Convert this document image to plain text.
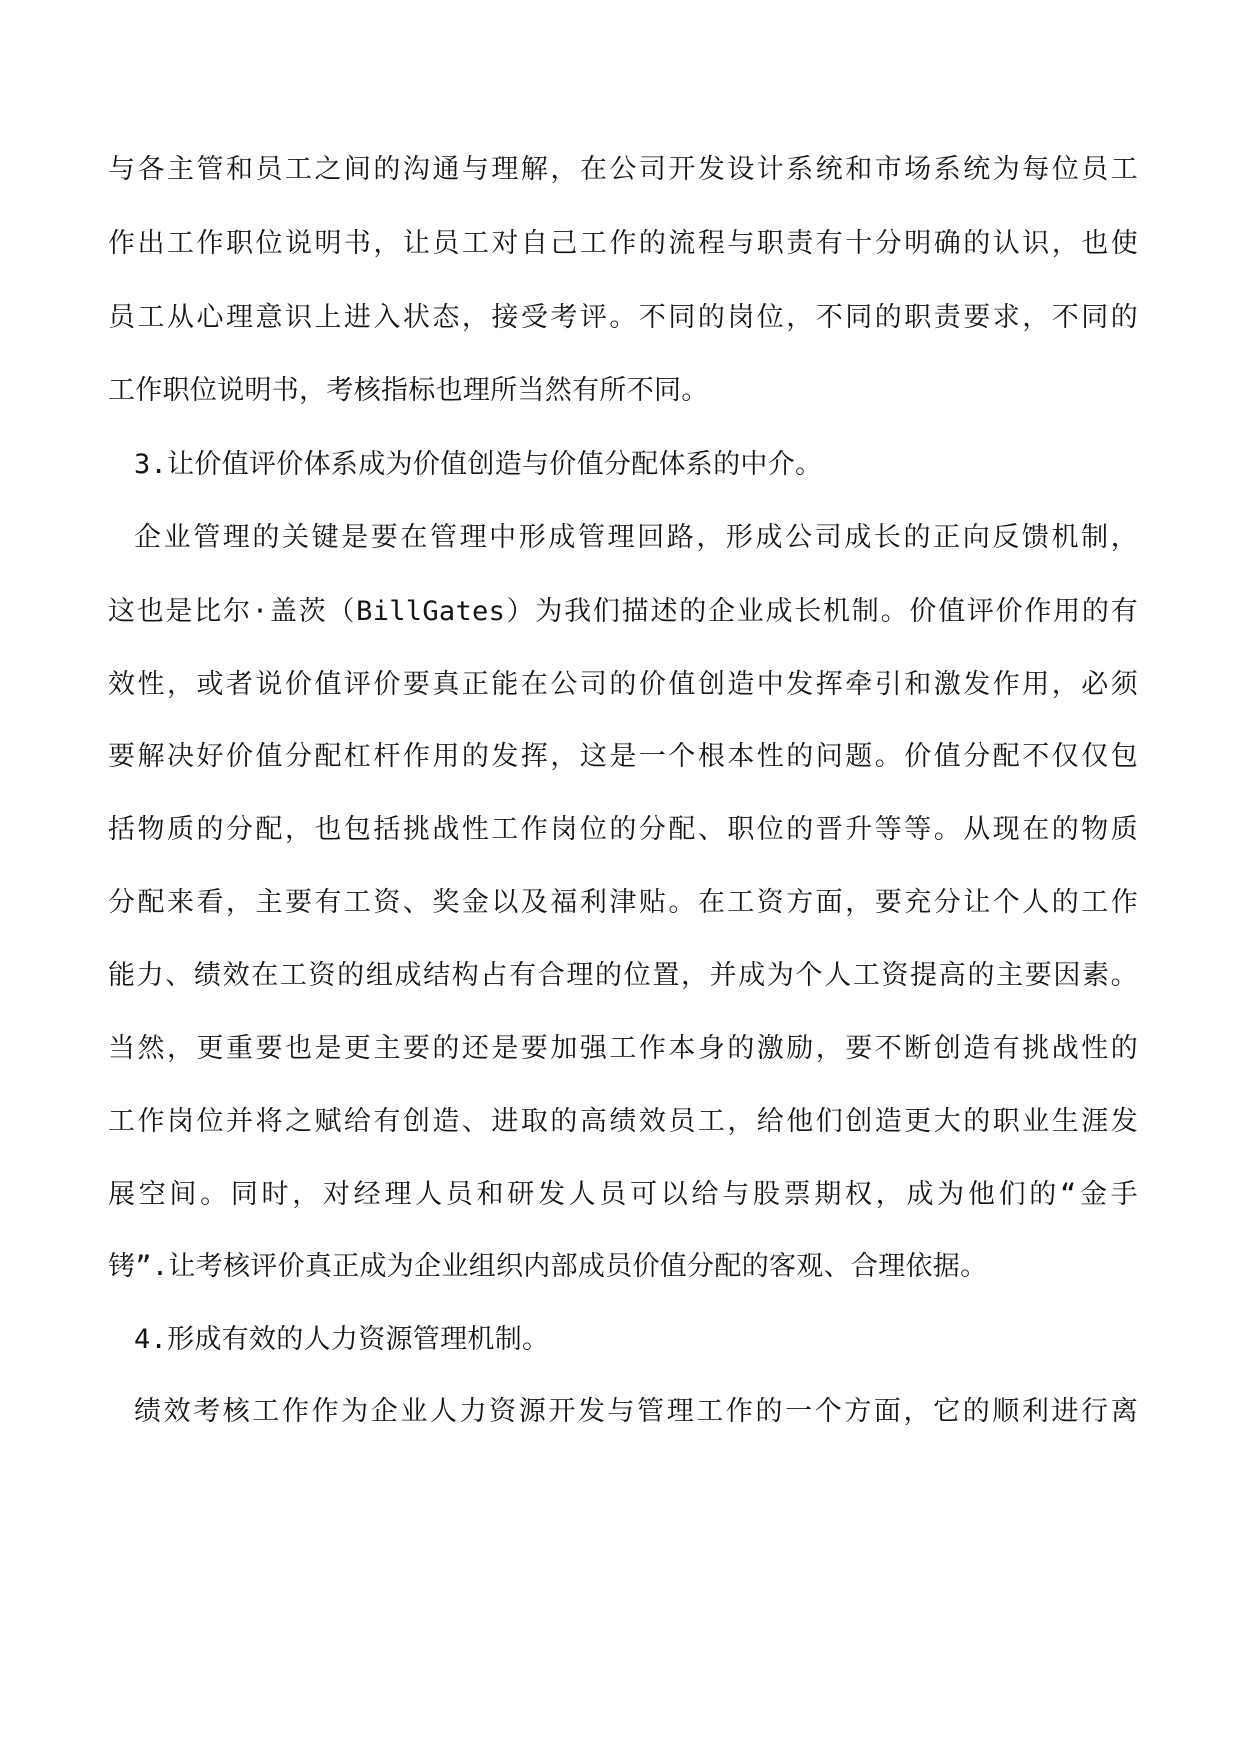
与各主管和员工之间的沟通与理解，在公司开发设计系统和市场系统为每位员工
作出工作职位说明书，让员工对自己工作的流程与职责有十分明确的认识，也使
员工从心理意识上进入状态，接受考评。不同的岗位，不同的职责要求，不同的
工作职位说明书，考核指标也理所当然有所不同。
3.让价值评价体系成为价值创造与价值分配体系的中介。
企业管理的关键是要在管理中形成管理回路，形成公司成长的正向反馈机制，
这也是比尔·盖茨（BillGates）为我们描述的企业成长机制。价值评价作用的有
效性，或者说价值评价要真正能在公司的价值创造中发挥牵引和激发作用，必须
要解决好价值分配杠杆作用的发挥，这是一个根本性的问题。价值分配不仅仅包
括物质的分配，也包括挑战性工作岗位的分配、职位的晋升等等。从现在的物质
分配来看，主要有工资、奖金以及福利津贴。在工资方面，要充分让个人的工作
能力、绩效在工资的组成结构占有合理的位置，并成为个人工资提高的主要因素。
当然，更重要也是更主要的还是要加强工作本身的激励，要不断创造有挑战性的
工作岗位并将之赋给有创造、进取的高绩效员工，给他们创造更大的职业生涯发
展空间。同时，对经理人员和研发人员可以给与股票期权，成为他们的“金手
铐”.让考核评价真正成为企业组织内部成员价值分配的客观、合理依据。
4.形成有效的人力资源管理机制。
绩效考核工作作为企业人力资源开发与管理工作的一个方面，它的顺利进行离
